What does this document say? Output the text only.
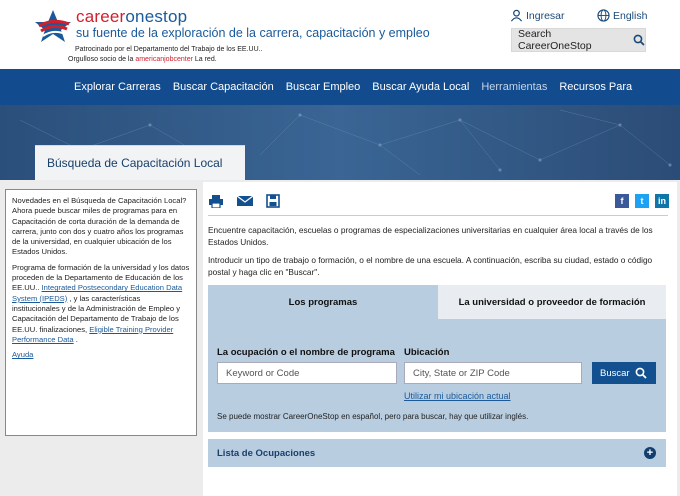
careeronestop
su fuente de la exploración de la carrera, capacitación y empleo
Patrocinado por el Departamento del Trabajo de los EE.UU..
Orgulloso socio de la americanjobcenter La red.
Ingresar	English
Search CareerOneStop
Explorar Carreras	Buscar Capacitación	Buscar Empleo	Buscar Ayuda Local	Herramientas	Recursos Para
Búsqueda de Capacitación Local

Novedades en el Búsqueda de Capacitación Local? Ahora puede buscar miles de programas para en Capacitación de corta duración de la demanda de carrera, junto con dos y cuatro años los programas de la universidad, en cualquier ubicación de los Estados Unidos.

Programa de formación de la universidad y los datos proceden de la Departamento de Educación de los EE.UU.. Integrated Postsecondary Education Data System (IPEDS) , y las características institucionales y de la Administración de Empleo y Capacitación del Departamento de Trabajo de los EE.UU. finalizaciones, Eligible Training Provider Performance Data .

Ayuda

f	t	in
Encuentre capacitación, escuelas o programas de especializaciones universitarias en cualquier área local a través de los Estados Unidos.
Introducir un tipo de trabajo o formación, o el nombre de una escuela. A continuación, escriba su ciudad, estado o código postal y haga clic en "Buscar".
Los programas	La universidad o proveedor de formación
La ocupación o el nombre de programa Ubicación
Keyword or Code	City, State or ZIP Code	Buscar
Utilizar mi ubicación actual
Se puede mostrar CareerOneStop en español, pero para buscar, hay que utilizar inglés.
Lista de Ocupaciones	+
